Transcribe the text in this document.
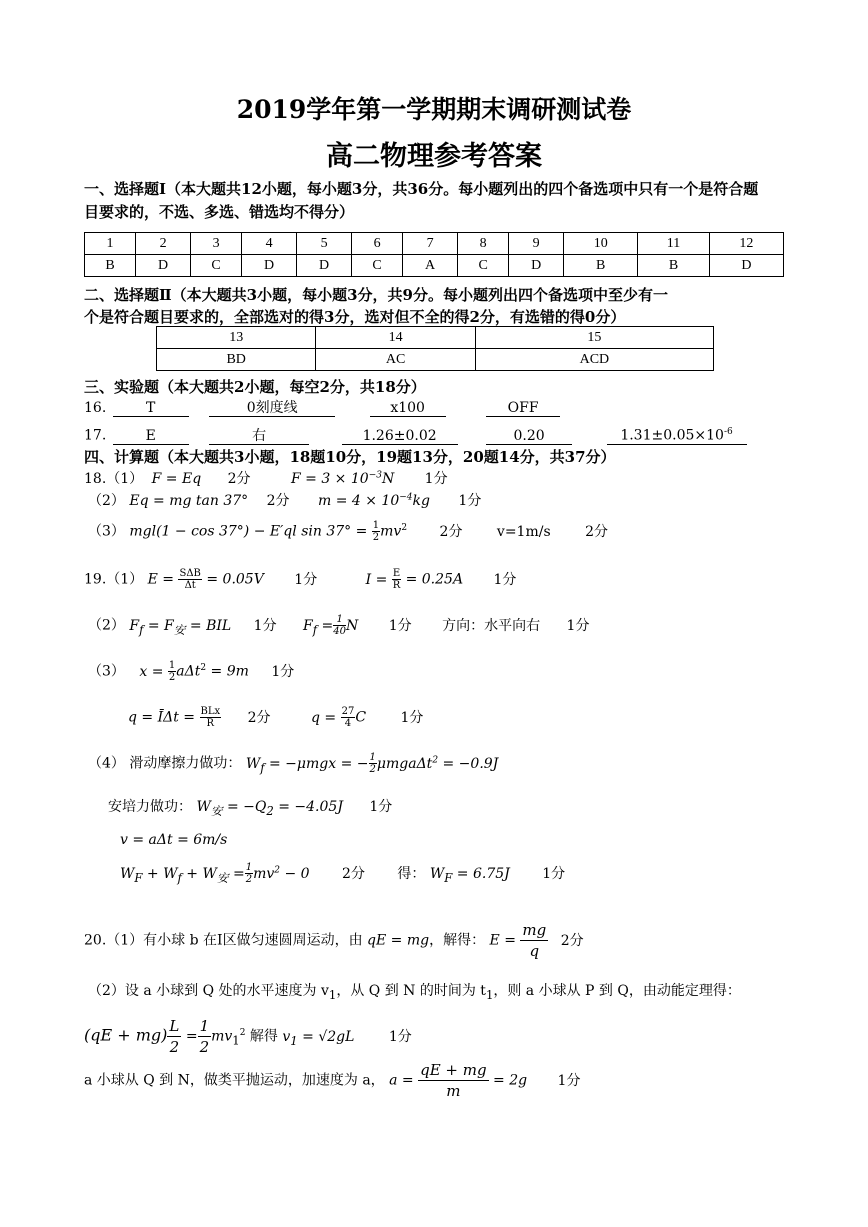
2019学年第一学期期末调研测试卷
高二物理参考答案
一、选择题Ⅰ（本大题共12小题，每小题3分，共36分。每小题列出的四个备选项中只有一个是符合题
目要求的，不选、多选、错选均不得分）
1	2	3	4	5	6	7	8	9	10	11	12
B	D	C	D	D	C	A	C	D	B	B	D
二、选择题Ⅱ（本大题共3小题，每小题3分，共9分。每小题列出四个备选项中至少有一
个是符合题目要求的，全部选对的得3分，选对但不全的得2分，有选错的得0分）
13	14	15
BD	AC	ACD
三、实验题（本大题共2小题，每空2分，共18分）
16.	T	0刻度线	x100	OFF
17.	E	右	1.26±0.02	0.20	$1.31\pm 0.05\times 10^{-6}$
四、计算题（本大题共3小题，18题10分，19题13分，20题14分，共37分）
18.（1） F = Eq 2分	$F = 3 \times 10^{-3}N$ 1分
（2） Eq = mg tan 37° 2分 $m = 4 \times 10^{-4}kg$ 1分
（3） mgl(1 − cos 37°) − E′ql $\sin 37^\circ = \frac{1}{2} mv^2$ 2分 v=1m/s 2分
19.（1） $E = \frac{\text{SΔB}}{\Delta t} = 0.05V$ 1分	$I = \frac{E}{R} = 0.25A$ 1分
（2） $F_f = F_安$ = BIL 1分 $F_f = \frac{1}{40}$ N 1分 方向：水平向右 1分
（3） $x = \frac{1}{2} a\Delta t^2 = 9m$ 1分
q = ĪΔt = $\frac{\text{BLx}}{R} 2$分	$q = \frac{27}{4}$ C 1分
（4） 滑动摩擦力做功： $W_f = -\mu mgx$ = − $\frac{1}{2} \mu mga\Delta t^2 = -0.9J$
安培力做功： $W_安 = -Q_2 = -4.05J$ 1分
v = aΔt = 6m/s
$W_F + W_f + W_安 = \frac{1}{2} mv^2 - 0$ 2分 得： $W_F = 6.75J$ 1分
20.（1）有小球 b 在Ⅰ区做匀速圆周运动，由 qE = mg，解得： $E = \frac{mg}{q} 2$分
（2）设 a 小球到 Q 处的水平速度为 $v_1$，从 Q 到 N 的时间为 $t_1$，则 a 小球从 P 到 Q，由动能定理得：
$(qE + mg) \frac{L}{2} = \frac{1}{2}mv_1^2$ 解得 $v_1 = √2gL$ 1分
a 小球从 Q 到 N，做类平抛运动，加速度为 a， $a = \frac{qE + mg}{m} = 2g$ 1分
